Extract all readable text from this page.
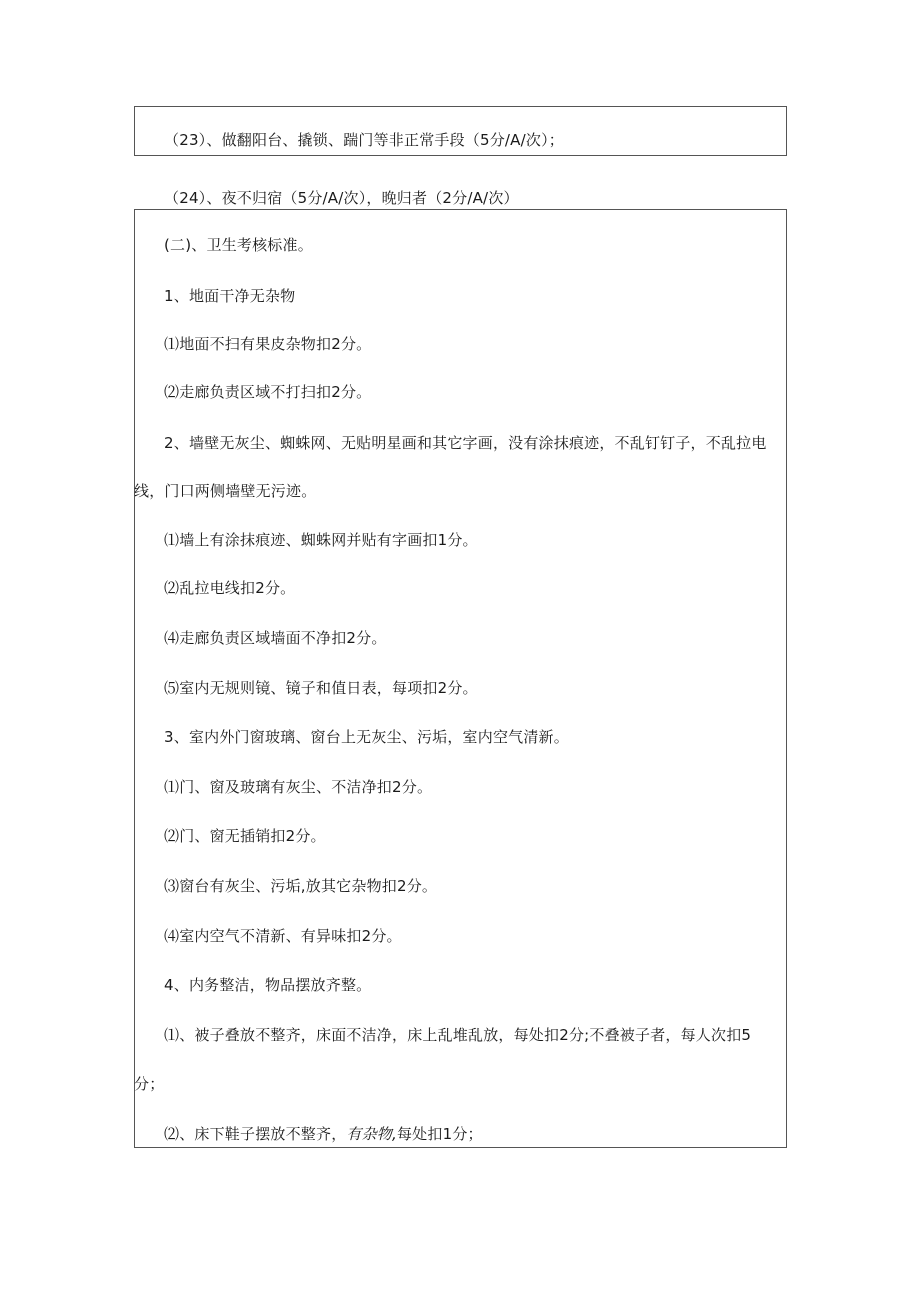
（23）、做翻阳台、撬锁、踹门等非正常手段（5分/A/次）；
（24）、夜不归宿（5分/A/次），晚归者（2分/A/次）
(二)、卫生考核标准。
1、地面干净无杂物
⑴地面不扫有果皮杂物扣2分。
⑵走廊负责区域不打扫扣2分。
2、墙壁无灰尘、蜘蛛网、无贴明星画和其它字画，没有涂抹痕迹，不乱钉钉子，不乱拉电
线，门口两侧墙壁无污迹。
⑴墙上有涂抹痕迹、蜘蛛网并贴有字画扣1分。
⑵乱拉电线扣2分。
⑷走廊负责区域墙面不净扣2分。
⑸室内无规则镜、镜子和值日表，每项扣2分。
3、室内外门窗玻璃、窗台上无灰尘、污垢，室内空气清新。
⑴门、窗及玻璃有灰尘、不洁净扣2分。
⑵门、窗无插销扣2分。
⑶窗台有灰尘、污垢,放其它杂物扣2分。
⑷室内空气不清新、有异味扣2分。
4、内务整洁，物品摆放齐整。
⑴、被子叠放不整齐，床面不洁净，床上乱堆乱放，每处扣2分;不叠被子者，每人次扣5
分；
⑵、床下鞋子摆放不整齐，有杂物,每处扣1分；
